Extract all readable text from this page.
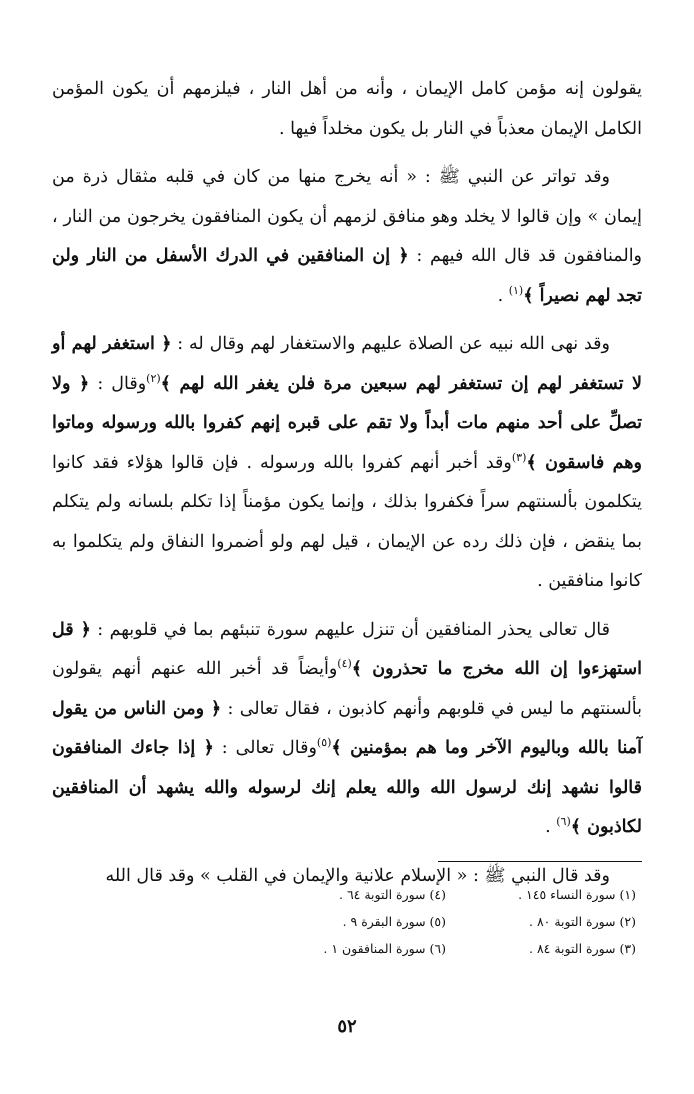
يقولون إنه مؤمن كامل الإيمان ، وأنه من أهل النار ، فيلزمهم أن يكون المؤمن الكامل الإيمان معذباً في النار بل يكون مخلداً فيها .

وقد تواتر عن النبي ﷺ : « أنه يخرج منها من كان في قلبه مثقال ذرة من إيمان » وإن قالوا لا يخلد وهو منافق لزمهم أن يكون المنافقون يخرجون من النار ، والمنافقون قد قال الله فيهم : ﴿ إن المنافقين في الدرك الأسفل من النار ولن تجد لهم نصيراً ﴾$^{(١)}$ .

وقد نهى الله نبيه عن الصلاة عليهم والاستغفار لهم وقال له : ﴿ استغفر لهم أو لا تستغفر لهم إن تستغفر لهم سبعين مرة فلن يغفر الله لهم ﴾$^{(٢)}$وقال : ﴿ ولا تصلِّ على أحد منهم مات أبداً ولا تقم على قبره إنهم كفروا بالله ورسوله وماتوا وهم فاسقون ﴾$^{(٣)}$وقد أخبر أنهم كفروا بالله ورسوله . فإن قالوا هؤلاء فقد كانوا يتكلمون بألسنتهم سراً فكفروا بذلك ، وإنما يكون مؤمناً إذا تكلم بلسانه ولم يتكلم بما ينقض ، فإن ذلك رده عن الإيمان ، قيل لهم ولو أضمروا النفاق ولم يتكلموا به كانوا منافقين .

قال تعالى يحذر المنافقين أن تنزل عليهم سورة تنبئهم بما في قلوبهم : ﴿ قل استهزءوا إن الله مخرج ما تحذرون ﴾$^{(٤)}$وأيضاً قد أخبر الله عنهم أنهم يقولون بألسنتهم ما ليس في قلوبهم وأنهم كاذبون ، فقال تعالى : ﴿ ومن الناس من يقول آمنا بالله وباليوم الآخر وما هم بمؤمنين ﴾$^{(٥)}$وقال تعالى : ﴿ إذا جاءك المنافقون قالوا نشهد إنك لرسول الله والله يعلم إنك لرسوله والله يشهد أن المنافقين لكاذبون ﴾$^{(٦)}$ .

وقد قال النبي ﷺ : « الإسلام علانية والإيمان في القلب » وقد قال الله

(١) سورة النساء ١٤٥ .
(٤) سورة التوبة ٦٤ .
(٢) سورة التوبة ٨٠ .
(٥) سورة البقرة ٩ .
(٣) سورة التوبة ٨٤ .
(٦) سورة المنافقون ١ .
٥٢
